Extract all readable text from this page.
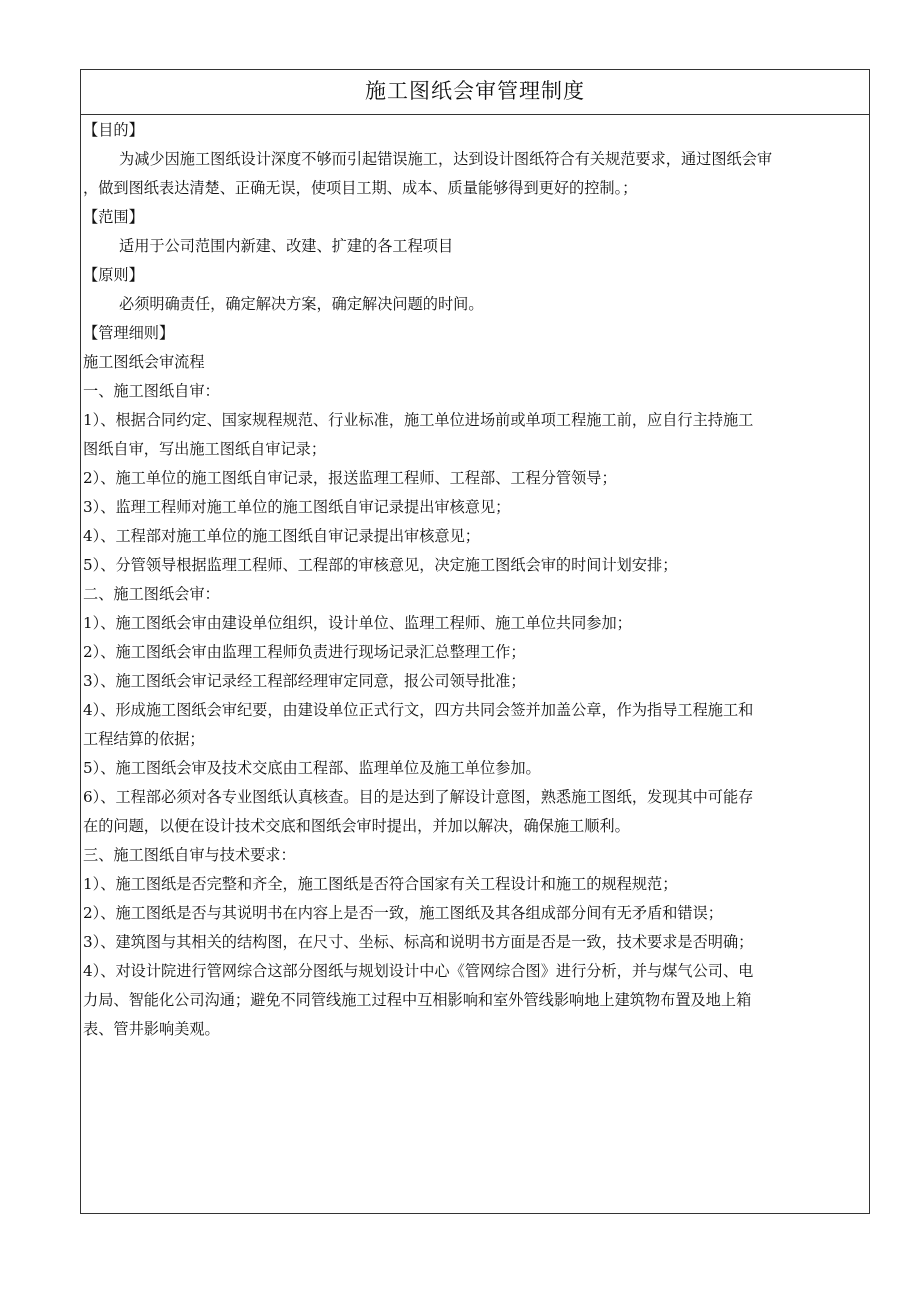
施工图纸会审管理制度
【目的】
为减少因施工图纸设计深度不够而引起错误施工，达到设计图纸符合有关规范要求，通过图纸会审
，做到图纸表达清楚、正确无误，使项目工期、成本、质量能够得到更好的控制。；
【范围】
适用于公司范围内新建、改建、扩建的各工程项目
【原则】
必须明确责任，确定解决方案，确定解决问题的时间。
【管理细则】
施工图纸会审流程
一、施工图纸自审：
1）、根据合同约定、国家规程规范、行业标准，施工单位进场前或单项工程施工前，应自行主持施工
图纸自审，写出施工图纸自审记录；
2）、施工单位的施工图纸自审记录，报送监理工程师、工程部、工程分管领导；
3）、监理工程师对施工单位的施工图纸自审记录提出审核意见；
4）、工程部对施工单位的施工图纸自审记录提出审核意见；
5）、分管领导根据监理工程师、工程部的审核意见，决定施工图纸会审的时间计划安排；
二、施工图纸会审：
1）、施工图纸会审由建设单位组织，设计单位、监理工程师、施工单位共同参加；
2）、施工图纸会审由监理工程师负责进行现场记录汇总整理工作；
3）、施工图纸会审记录经工程部经理审定同意，报公司领导批准；
4）、形成施工图纸会审纪要，由建设单位正式行文，四方共同会签并加盖公章，作为指导工程施工和
工程结算的依据；
5）、施工图纸会审及技术交底由工程部、监理单位及施工单位参加。
6）、工程部必须对各专业图纸认真核查。目的是达到了解设计意图，熟悉施工图纸，发现其中可能存
在的问题，以便在设计技术交底和图纸会审时提出，并加以解决，确保施工顺利。
三、施工图纸自审与技术要求：
1）、施工图纸是否完整和齐全，施工图纸是否符合国家有关工程设计和施工的规程规范；
2）、施工图纸是否与其说明书在内容上是否一致，施工图纸及其各组成部分间有无矛盾和错误；
3）、建筑图与其相关的结构图，在尺寸、坐标、标高和说明书方面是否是一致，技术要求是否明确；
4）、对设计院进行管网综合这部分图纸与规划设计中心《管网综合图》进行分析，并与煤气公司、电
力局、智能化公司沟通；避免不同管线施工过程中互相影响和室外管线影响地上建筑物布置及地上箱
表、管井影响美观。
